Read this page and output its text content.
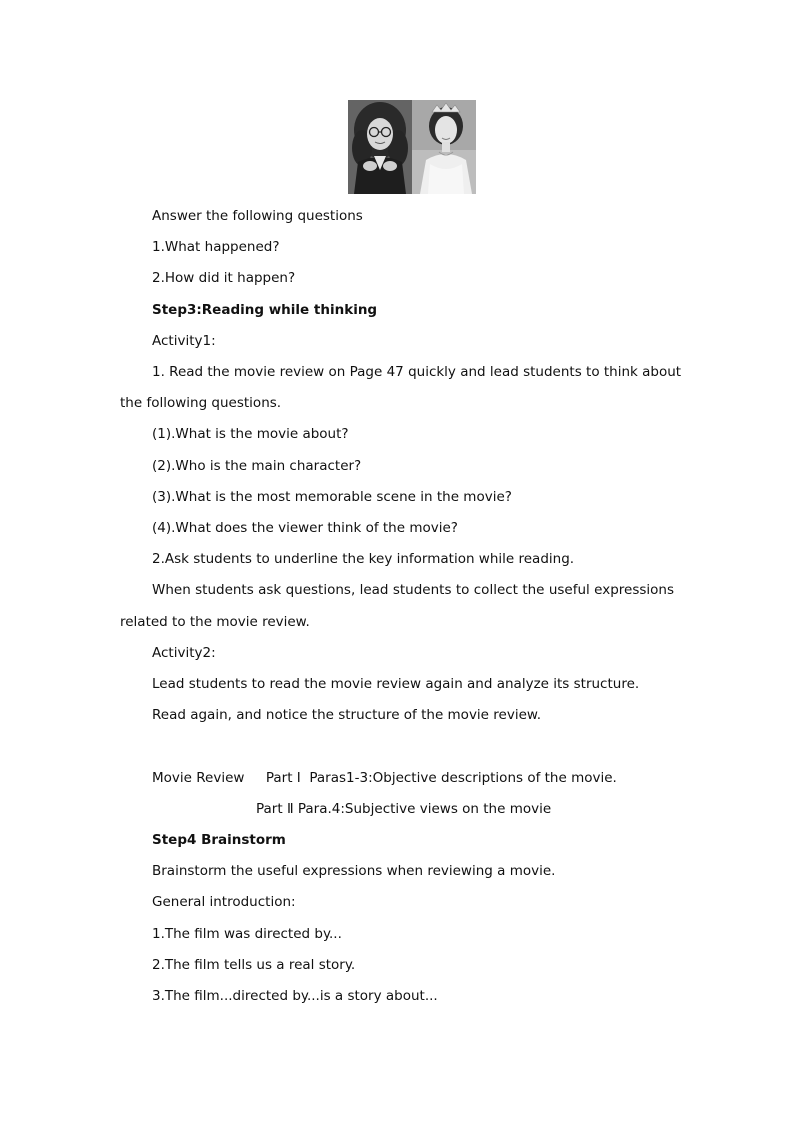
Answer the following questions
1.What happened?
2.How did it happen?
Step3:Reading while thinking
Activity1:
1. Read the movie review on Page 47 quickly and lead students to think about
the following questions.
(1).What is the movie about?
(2).Who is the main character?
(3).What is the most memorable scene in the movie?
(4).What does the viewer think of the movie?
2.Ask students to underline the key information while reading.
When students ask questions, lead students to collect the useful expressions
related to the movie review.
Activity2:
Lead students to read the movie review again and analyze its structure.
Read again, and notice the structure of the movie review.
Movie Review     Part Ⅰ  Paras1-3:Objective descriptions of the movie.
Part Ⅱ Para.4:Subjective views on the movie
Step4 Brainstorm
Brainstorm the useful expressions when reviewing a movie.
General introduction:
1.The film was directed by...
2.The film tells us a real story.
3.The film...directed by...is a story about...
